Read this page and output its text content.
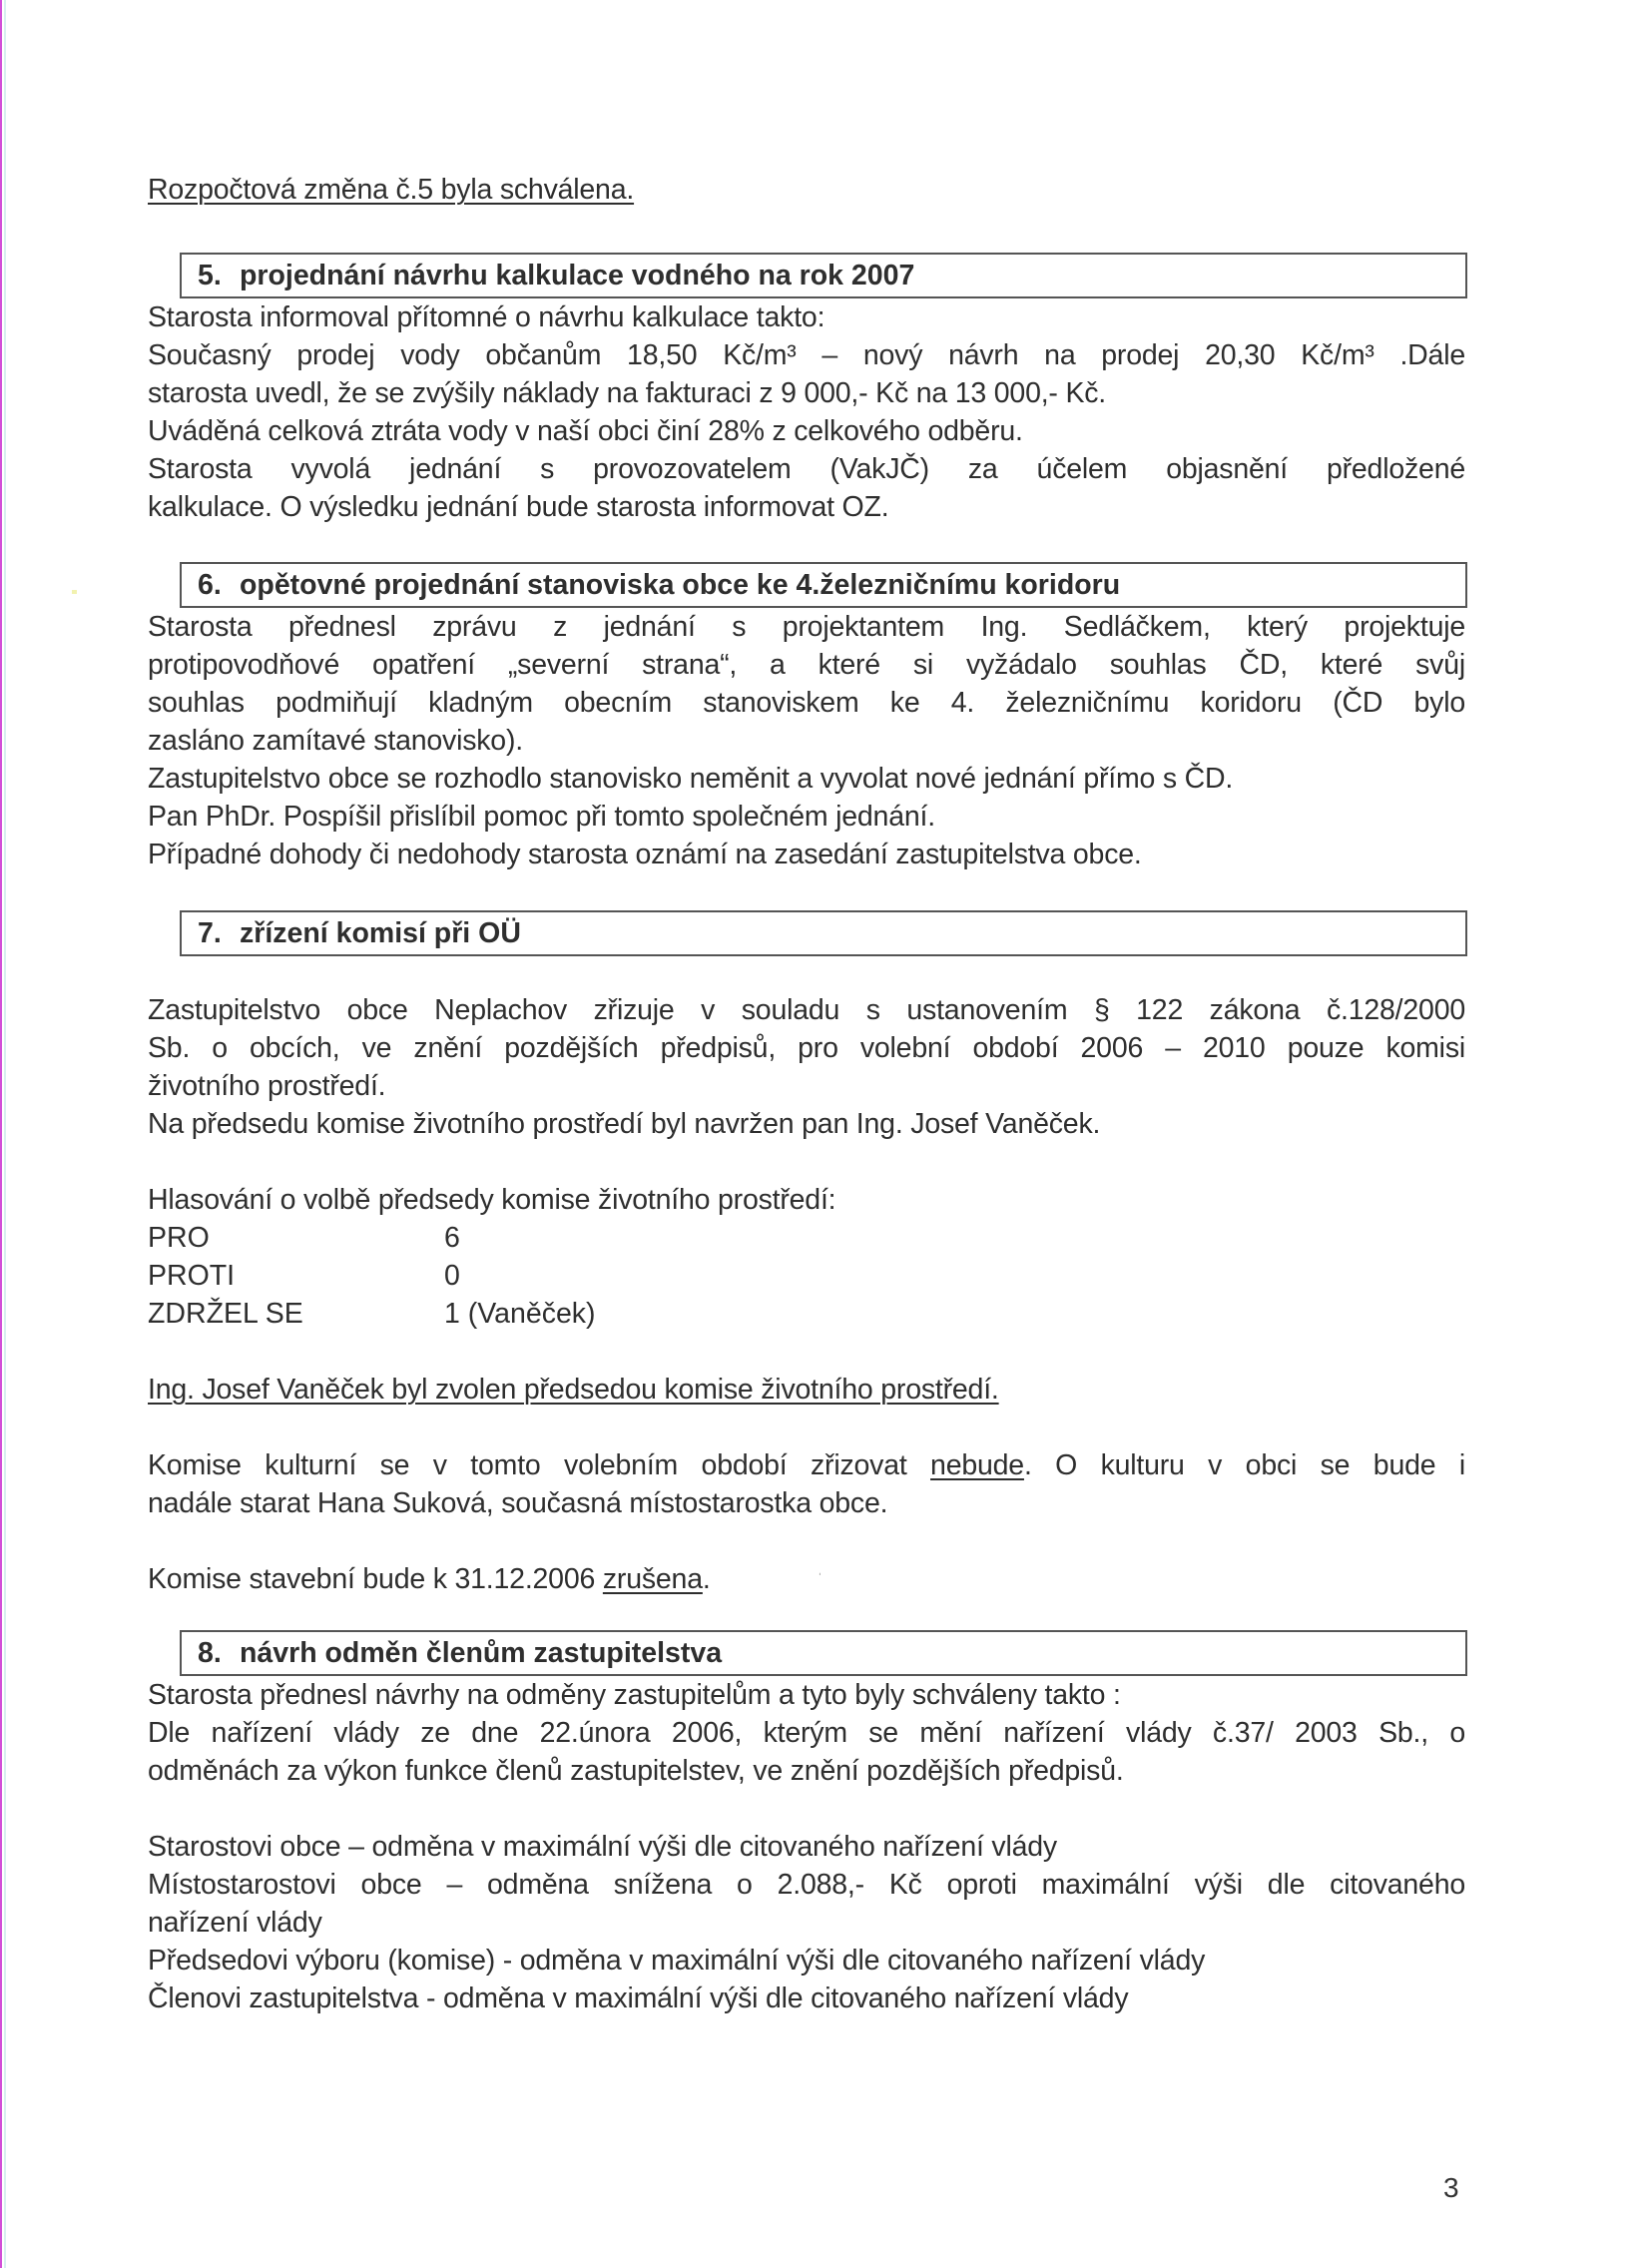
Rozpočtová změna č.5 byla schválena.
5. projednání návrhu kalkulace vodného na rok 2007
Starosta informoval přítomné o návrhu kalkulace takto:
Současný prodej vody občanům 18,50 Kč/m³ – nový návrh na prodej 20,30 Kč/m³ .Dále
starosta uvedl, že se zvýšily náklady na fakturaci z 9 000,- Kč na 13 000,- Kč.
Uváděná celková ztráta vody v naší obci činí 28% z celkového odběru.
Starosta vyvolá jednání s provozovatelem (VakJČ) za účelem objasnění předložené
kalkulace. O výsledku jednání bude starosta informovat OZ.
6. opětovné projednání stanoviska obce ke 4.železničnímu koridoru
Starosta přednesl zprávu z jednání s projektantem Ing. Sedláčkem, který projektuje
protipovodňové opatření „severní strana“, a které si vyžádalo souhlas ČD, které svůj
souhlas podmiňují kladným obecním stanoviskem ke 4. železničnímu koridoru (ČD bylo
zasláno zamítavé stanovisko).
Zastupitelstvo obce se rozhodlo stanovisko neměnit a vyvolat nové jednání přímo s ČD.
Pan PhDr. Pospíšil přislíbil pomoc při tomto společném jednání.
Případné dohody či nedohody starosta oznámí na zasedání zastupitelstva obce.
7. zřízení komisí při OÜ
Zastupitelstvo obce Neplachov zřizuje v souladu s ustanovením § 122 zákona č.128/2000
Sb. o obcích, ve znění pozdějších předpisů, pro volební období 2006 – 2010 pouze komisi
životního prostředí.
Na předsedu komise životního prostředí byl navržen pan Ing. Josef Vaněček.
Hlasování o volbě předsedy komise životního prostředí:
PRO	6
PROTI	0
ZDRŽEL SE	1 (Vaněček)
Ing. Josef Vaněček byl zvolen předsedou komise životního prostředí.
Komise kulturní se v tomto volebním období zřizovat nebude. O kulturu v obci se bude i
nadále starat Hana Suková, současná místostarostka obce.
Komise stavební bude k 31.12.2006 zrušena.	ˈ
8. návrh odměn členům zastupitelstva
Starosta přednesl návrhy na odměny zastupitelům a tyto byly schváleny takto :
Dle nařízení vlády ze dne 22.února 2006, kterým se mění nařízení vlády č.37/ 2003 Sb., o
odměnách za výkon funkce členů zastupitelstev, ve znění pozdějších předpisů.
Starostovi obce – odměna v maximální výši dle citovaného nařízení vlády
Místostarostovi obce – odměna snížena o 2.088,- Kč oproti maximální výši dle citovaného
nařízení vlády
Předsedovi výboru (komise) - odměna v maximální výši dle citovaného nařízení vlády
Členovi zastupitelstva - odměna v maximální výši dle citovaného nařízení vlády
3
